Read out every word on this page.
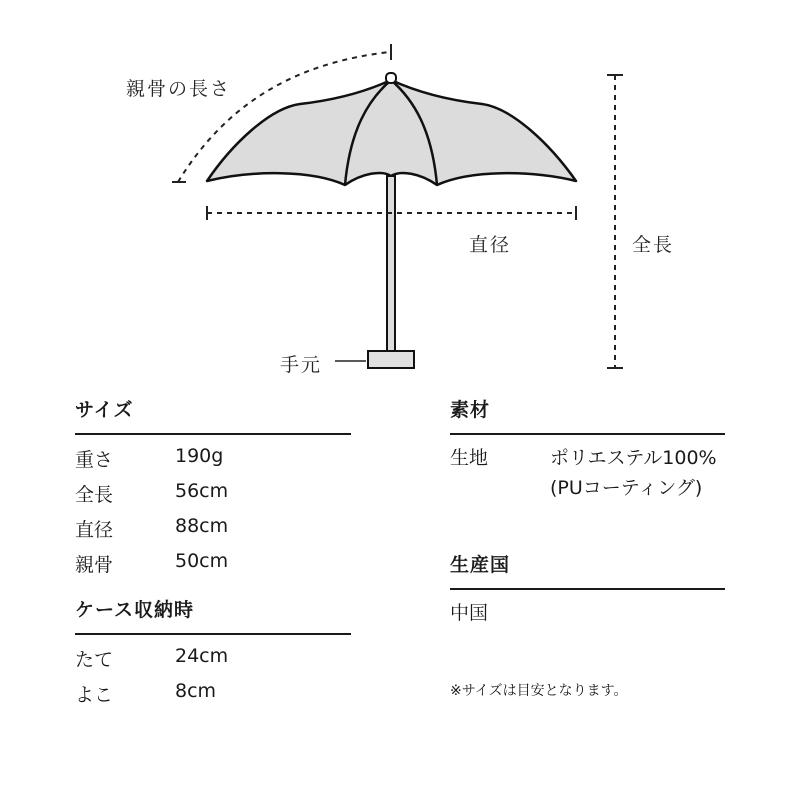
親骨の長さ
直径	全長
手元
サイズ
重さ	190g
全長	56cm
直径	88cm
親骨	50cm
ケース収納時
たて	24cm
よこ	8cm
素材
生地	ポリエステル100%
(PUコーティング)
生産国
中国
※サイズは目安となります。
